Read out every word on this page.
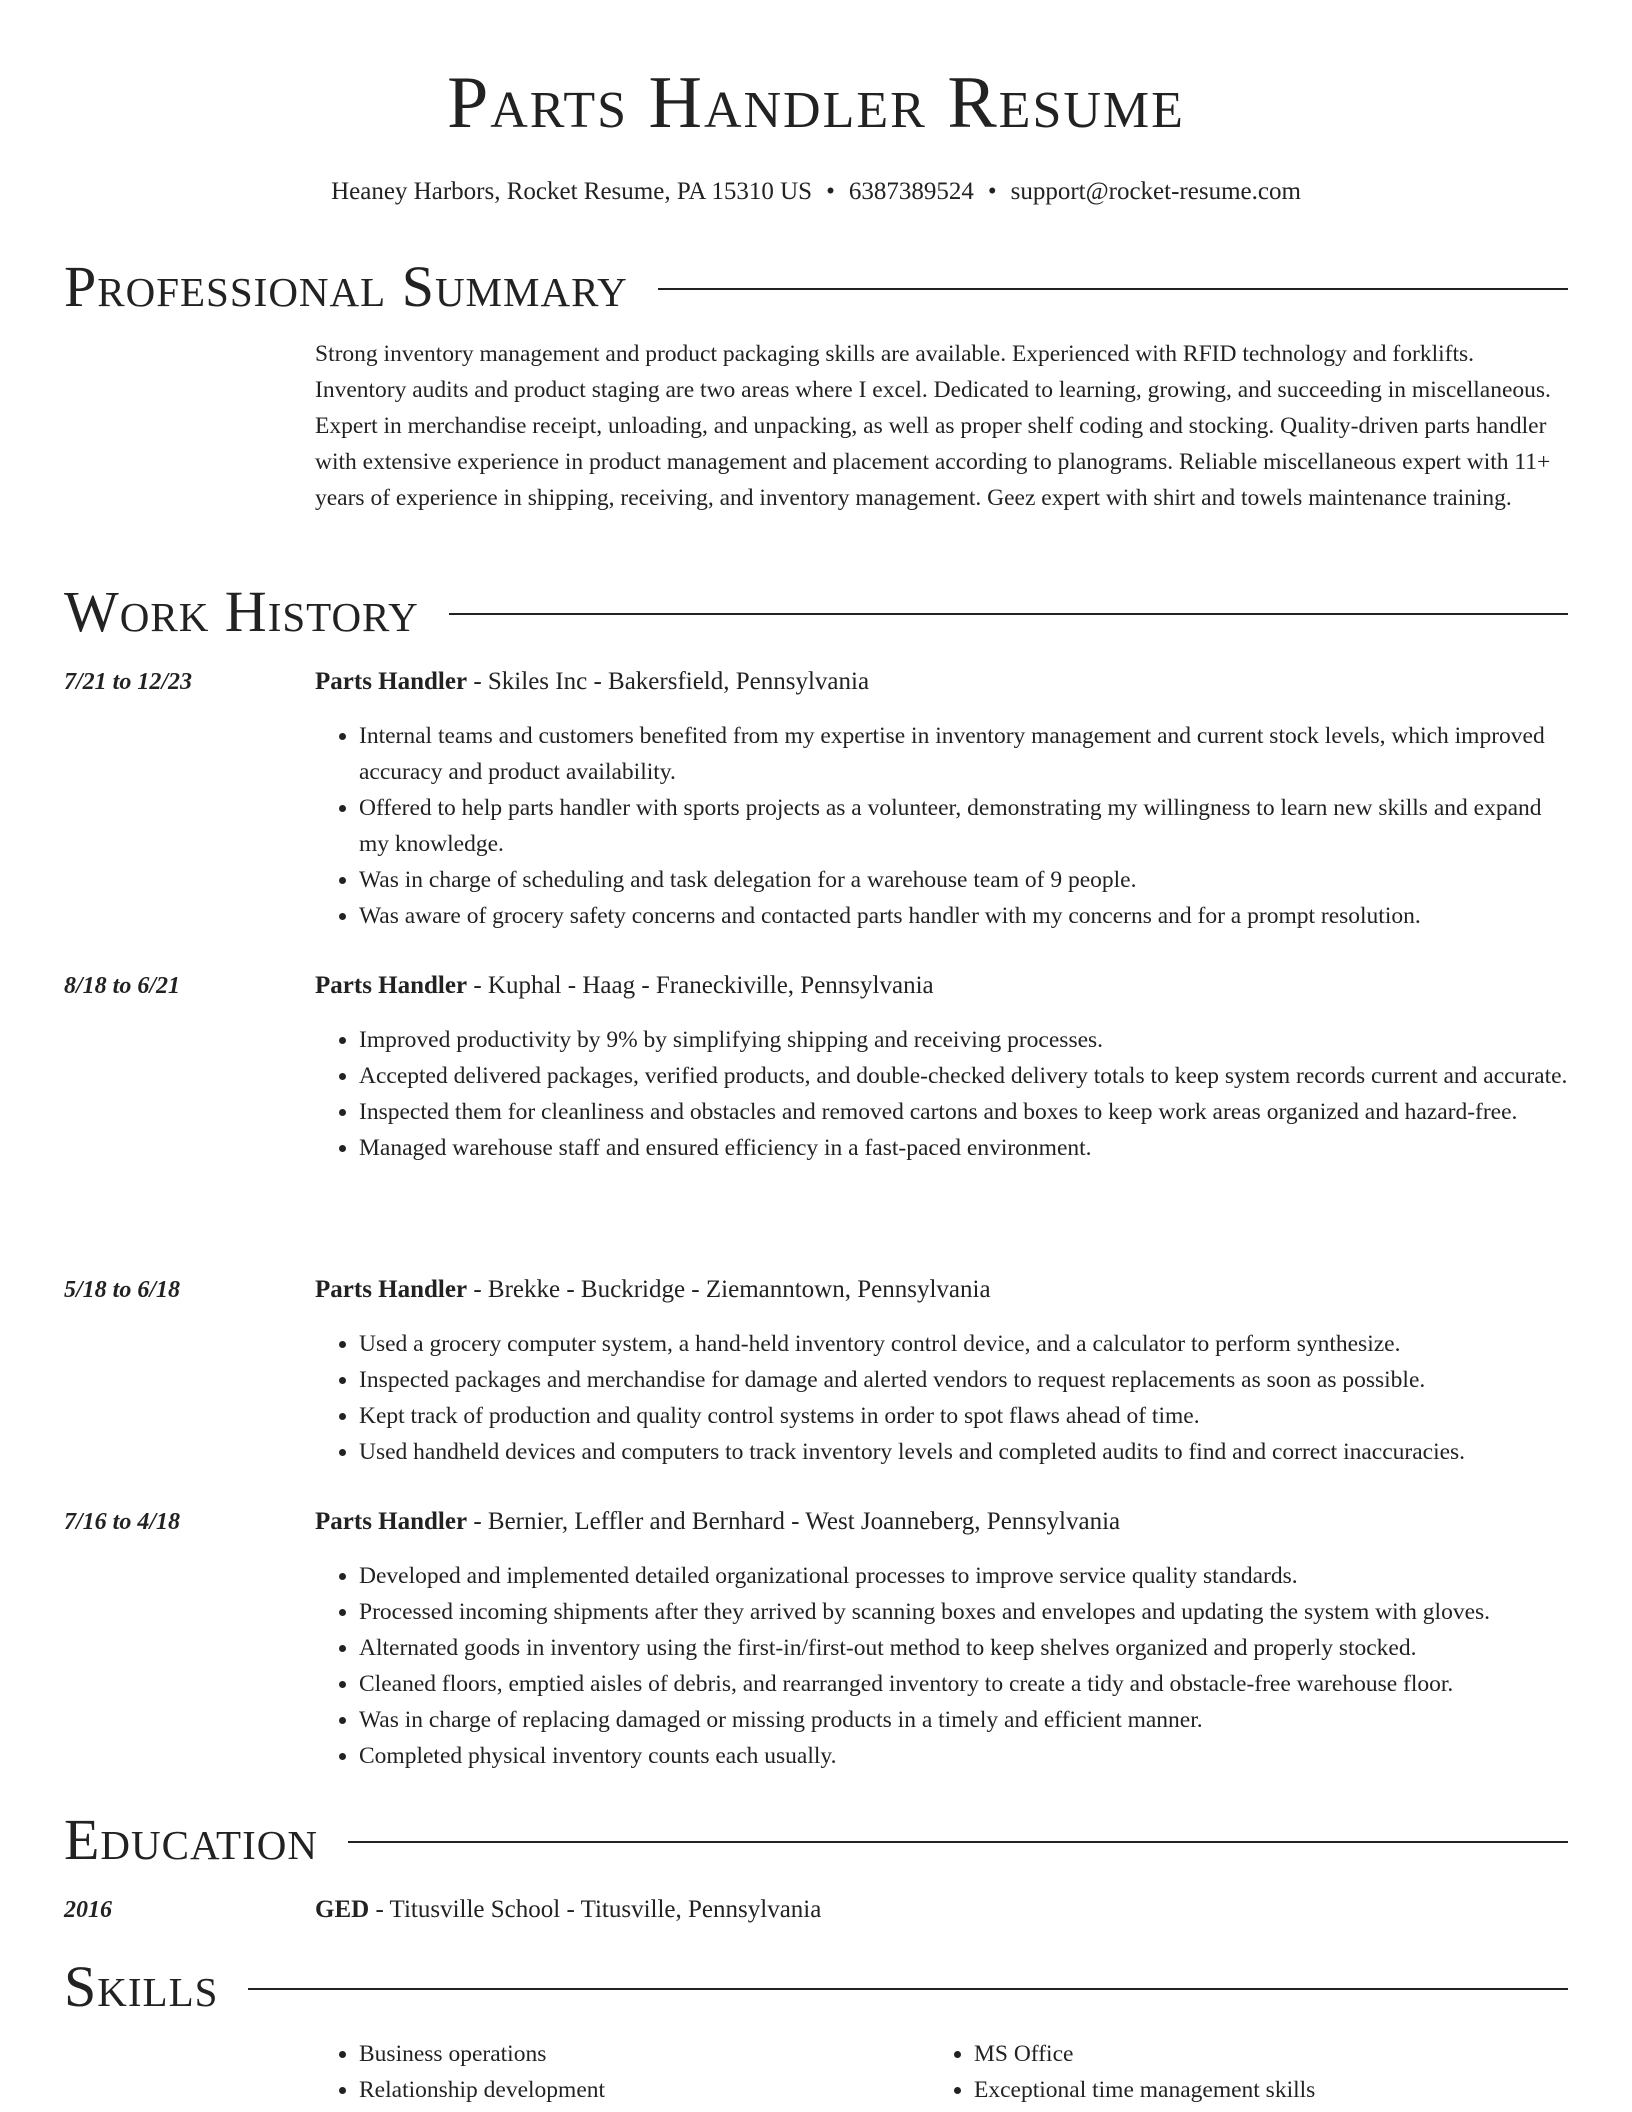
Parts Handler Resume
Heaney Harbors, Rocket Resume, PA 15310 US • 6387389524 • support@rocket-resume.com
Professional Summary

Strong inventory management and product packaging skills are available. Experienced with RFID technology and forklifts. Inventory audits and product staging are two areas where I excel. Dedicated to learning, growing, and succeeding in miscellaneous. Expert in merchandise receipt, unloading, and unpacking, as well as proper shelf coding and stocking. Quality-driven parts handler with extensive experience in product management and placement according to planograms. Reliable miscellaneous expert with 11+ years of experience in shipping, receiving, and inventory management. Geez expert with shirt and towels maintenance training.

Work History
7/21 to 12/23	Parts Handler - Skiles Inc - Bakersfield, Pennsylvania
• Internal teams and customers benefited from my expertise in inventory management and current stock levels, which improved accuracy and product availability.
• Offered to help parts handler with sports projects as a volunteer, demonstrating my willingness to learn new skills and expand my knowledge.
• Was in charge of scheduling and task delegation for a warehouse team of 9 people.
• Was aware of grocery safety concerns and contacted parts handler with my concerns and for a prompt resolution.
8/18 to 6/21	Parts Handler - Kuphal - Haag - Franeckiville, Pennsylvania
• Improved productivity by 9% by simplifying shipping and receiving processes.
• Accepted delivered packages, verified products, and double-checked delivery totals to keep system records current and accurate.
• Inspected them for cleanliness and obstacles and removed cartons and boxes to keep work areas organized and hazard-free.
• Managed warehouse staff and ensured efficiency in a fast-paced environment.
5/18 to 6/18	Parts Handler - Brekke - Buckridge - Ziemanntown, Pennsylvania
• Used a grocery computer system, a hand-held inventory control device, and a calculator to perform synthesize.
• Inspected packages and merchandise for damage and alerted vendors to request replacements as soon as possible.
• Kept track of production and quality control systems in order to spot flaws ahead of time.
• Used handheld devices and computers to track inventory levels and completed audits to find and correct inaccuracies.
7/16 to 4/18	Parts Handler - Bernier, Leffler and Bernhard - West Joanneberg, Pennsylvania
• Developed and implemented detailed organizational processes to improve service quality standards.
• Processed incoming shipments after they arrived by scanning boxes and envelopes and updating the system with gloves.
• Alternated goods in inventory using the first-in/first-out method to keep shelves organized and properly stocked.
• Cleaned floors, emptied aisles of debris, and rearranged inventory to create a tidy and obstacle-free warehouse floor.
• Was in charge of replacing damaged or missing products in a timely and efficient manner.
• Completed physical inventory counts each usually.
Education
2016	GED - Titusville School - Titusville, Pennsylvania
Skills
• Business operations
• Relationship development
• MS Office
• Exceptional time management skills
